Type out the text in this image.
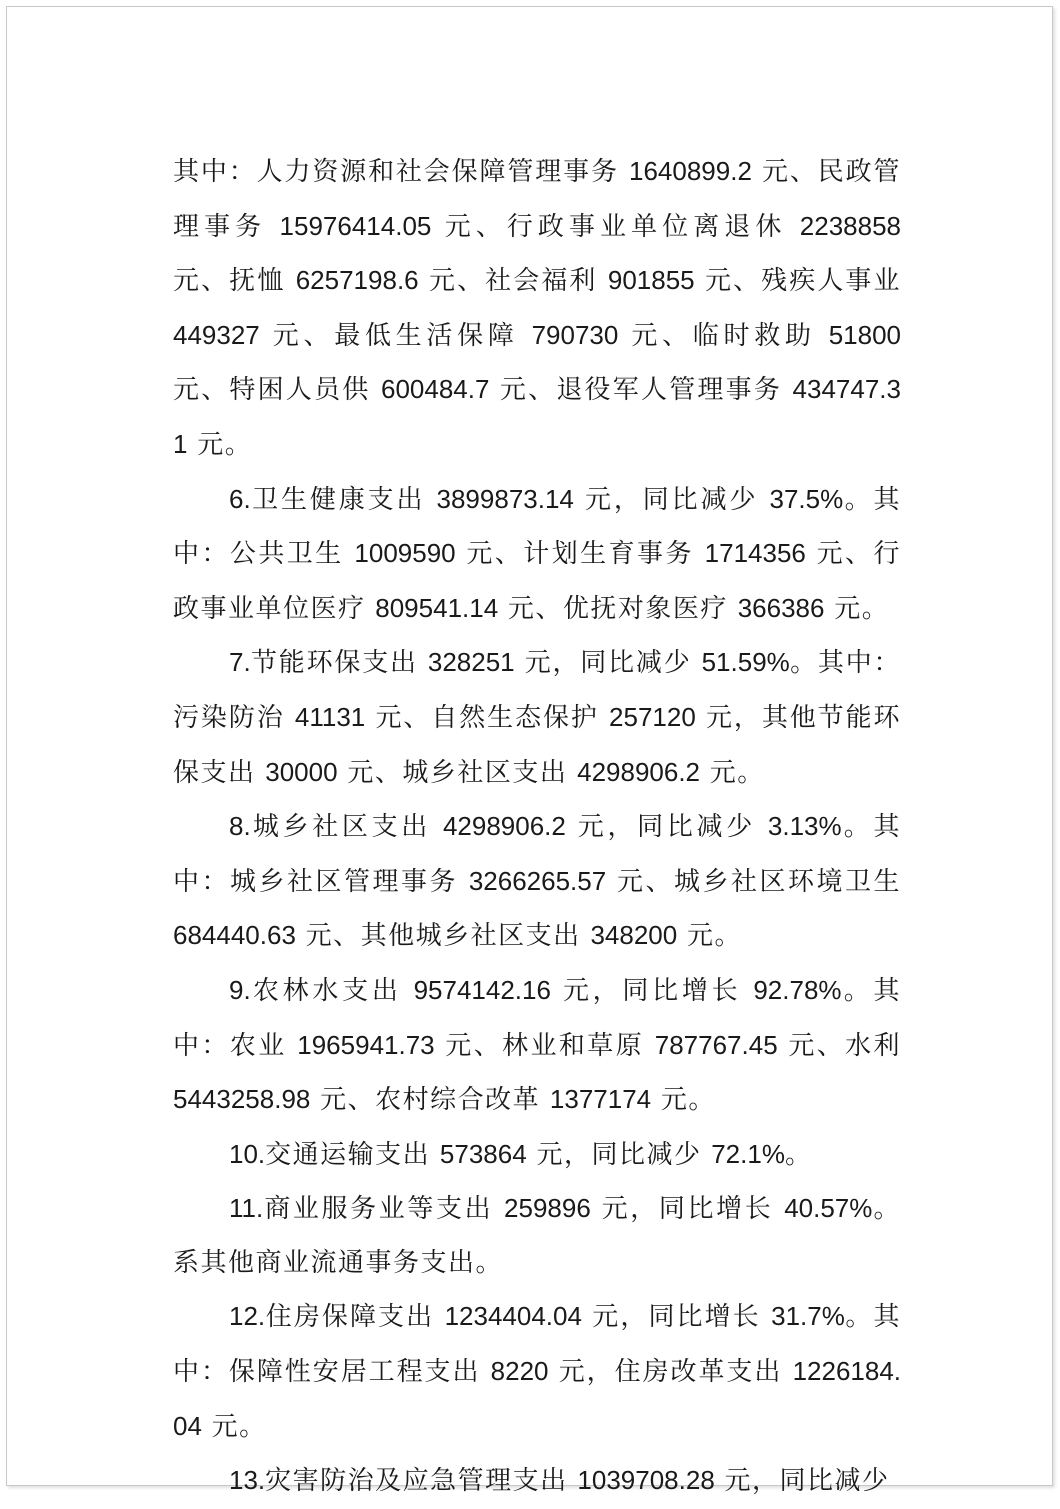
其中：人力资源和社会保障管理事务 1640899.2 元、民政管理事务 15976414.05 元、行政事业单位离退休 2238858 元、抚恤 6257198.6 元、社会福利 901855 元、残疾人事业 449327 元、最低生活保障 790730 元、临时救助 51800 元、特困人员供 600484.7 元、退役军人管理事务 434747.31 元。

6.卫生健康支出 3899873.14 元，同比减少 37.5%。其中：公共卫生 1009590 元、计划生育事务 1714356 元、行政事业单位医疗 809541.14 元、优抚对象医疗 366386 元。

7.节能环保支出 328251 元，同比减少 51.59%。其中：污染防治 41131 元、自然生态保护 257120 元，其他节能环保支出 30000 元、城乡社区支出 4298906.2 元。

8.城乡社区支出 4298906.2 元，同比减少 3.13%。其中：城乡社区管理事务 3266265.57 元、城乡社区环境卫生 684440.63 元、其他城乡社区支出 348200 元。

9.农林水支出 9574142.16 元，同比增长 92.78%。其中：农业 1965941.73 元、林业和草原 787767.45 元、水利 5443258.98 元、农村综合改革 1377174 元。

10.交通运输支出 573864 元，同比减少 72.1%。

11.商业服务业等支出 259896 元，同比增长 40.57%。系其他商业流通事务支出。

12.住房保障支出 1234404.04 元，同比增长 31.7%。其中：保障性安居工程支出 8220 元，住房改革支出 1226184.04 元。

13.灾害防治及应急管理支出 1039708.28 元，同比减少
